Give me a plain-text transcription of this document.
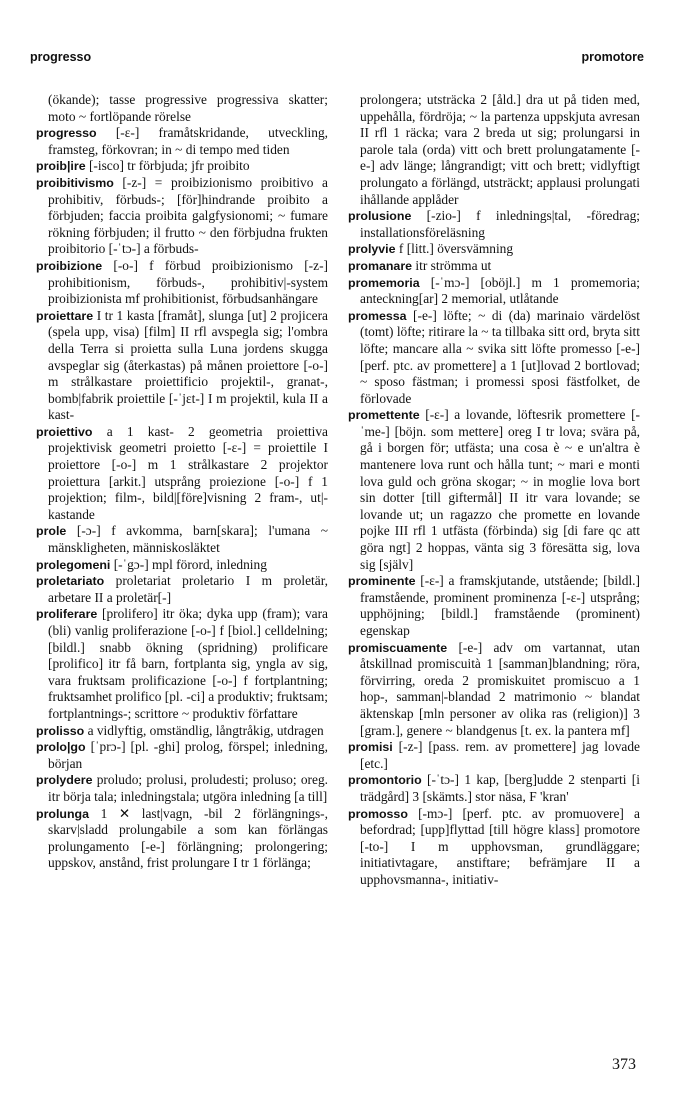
progresso	promotore

(ökande); tasse progressive progressiva skatter; moto ~ fortlöpande rörelse

progresso [-ɛ-] framåtskridande, utveckling, framsteg, förkovran; in ~ di tempo med tiden

proib|ire [-isco] tr förbjuda; jfr proibito

proibitivismo [-z-] = proibizionismo proibitivo a prohibitiv, förbuds-; [för]hindrande proibito a förbjuden; faccia proibita galgfysionomi; ~ fumare rökning förbjuden; il frutto ~ den förbjudna frukten proibitorio [-ˈtɔ-] a förbuds-

proibizione [-o-] f förbud proibizionismo [-z-] prohibitionism, förbuds-, prohibitiv|-system proibizionista mf prohibitionist, förbudsanhängare

proiettare I tr 1 kasta [framåt], slunga [ut] 2 projicera (spela upp, visa) [film] II rfl avspegla sig; l'ombra della Terra si proietta sulla Luna jordens skugga avspeglar sig (återkastas) på månen proiettore [-o-] m strålkastare proiettificio projektil-, granat-, bomb|fabrik proiettile [-ˈjɛt-] I m projektil, kula II a kast-

proiettivo a 1 kast- 2 geometria proiettiva projektivisk geometri proietto [-ɛ-] = proiettile I proiettore [-o-] m 1 strålkastare 2 projektor proiettura [arkit.] utsprång proiezione [-o-] f 1 projektion; film-, bild|[före]visning 2 fram-, ut|-kastande

prole [-ɔ-] f avkomma, barn[skara]; l'umana ~ mänskligheten, människosläktet

prolegomeni [-ˈgɔ-] mpl förord, inledning

proletariato proletariat proletario I m proletär, arbetare II a proletär[-]

proliferare [prolifero] itr öka; dyka upp (fram); vara (bli) vanlig proliferazione [-o-] f [biol.] celldelning; [bildl.] snabb ökning (spridning) prolificare [prolifico] itr få barn, fortplanta sig, yngla av sig, vara fruktsam prolificazione [-o-] f fortplantning; fruktsamhet prolifico [pl. -ci] a produktiv; fruktsam; fortplantnings-; scrittore ~ produktiv författare

prolisso a vidlyftig, omständlig, långtråkig, utdragen

prolo|go [ˈprɔ-] [pl. -ghi] prolog, förspel; inledning, början

prolydere proludo; prolusi, proludesti; proluso; oreg. itr börja tala; inledningstala; utgöra inledning [a till]

prolunga 1 ✕ last|vagn, -bil 2 förlängnings-, skarv|sladd prolungabile a som kan förlängas prolungamento [-e-] förlängning; prolongering; uppskov, anstånd, frist prolungare I tr 1 förlänga;

prolongera; utsträcka 2 [åld.] dra ut på tiden med, uppehålla, fördröja; ~ la partenza uppskjuta avresan II rfl 1 räcka; vara 2 breda ut sig; prolungarsi in parole tala (orda) vitt och brett prolungatamente [-e-] adv länge; långrandigt; vitt och brett; vidlyftigt prolungato a förlängd, utsträckt; applausi prolungati ihållande applåder

prolusione [-zio-] f inlednings|tal, -föredrag; installationsföreläsning

prolyvie f [litt.] översvämning

promanare itr strömma ut

promemoria [-ˈmɔ-] [oböjl.] m 1 promemoria; anteckning[ar] 2 memorial, utlåtande

promessa [-e-] löfte; ~ di (da) marinaio värdelöst (tomt) löfte; ritirare la ~ ta tillbaka sitt ord, bryta sitt löfte; mancare alla ~ svika sitt löfte promesso [-e-] [perf. ptc. av promettere] a 1 [ut]lovad 2 bortlovad; ~ sposo fästman; i promessi sposi fästfolket, de förlovade

promettente [-ɛ-] a lovande, löftesrik promettere [-ˈme-] [böjn. som mettere] oreg I tr lova; svära på, gå i borgen för; utfästa; una cosa è ~ e un'altra è mantenere lova runt och hålla tunt; ~ mari e monti lova guld och gröna skogar; ~ in moglie lova bort sin dotter [till giftermål] II itr vara lovande; se lovande ut; un ragazzo che promette en lovande pojke III rfl 1 utfästa (förbinda) sig [di fare qc att göra ngt] 2 hoppas, vänta sig 3 föresätta sig, lova sig [själv]

prominente [-ɛ-] a framskjutande, utstående; [bildl.] framstående, prominent prominenza [-ɛ-] utsprång; upphöjning; [bildl.] framstående (prominent) egenskap

promiscuamente [-e-] adv om vartannat, utan åtskillnad promiscuità 1 [samman]blandning; röra, förvirring, oreda 2 promiskuitet promiscuo a 1 hop-, samman|-blandad 2 matrimonio ~ blandat äktenskap [mln personer av olika ras (religion)] 3 [gram.], genere ~ blandgenus [t. ex. la pantera mf]

promisi [-z-] [pass. rem. av promettere] jag lovade [etc.]

promontorio [-ˈtɔ-] 1 kap, [berg]udde 2 stenparti [i trädgård] 3 [skämts.] stor näsa, F 'kran'

promosso [-mɔ-] [perf. ptc. av promuovere] a befordrad; [upp]flyttad [till högre klass] promotore [-to-] I m upphovsman, grundläggare; initiativtagare, anstiftare; befrämjare II a upphovsmanna-, initiativ-

373
